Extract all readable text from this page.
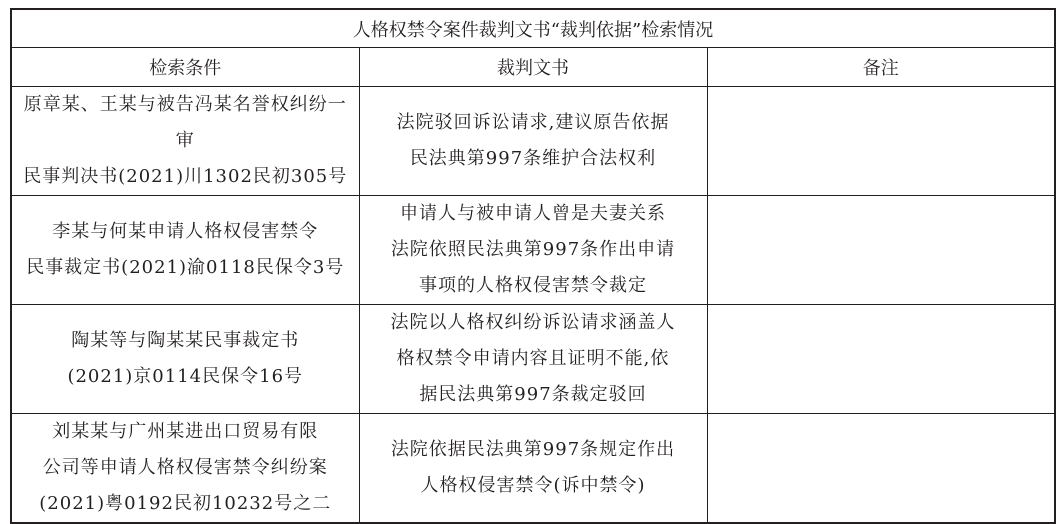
人格权禁令案件裁判文书“裁判依据”检索情况		
检索条件	裁判文书	备注

原章某、王某与被告冯某名誉权纠纷一审
民事判决书(2021)川1302民初305号	法院驳回诉讼请求,建议原告依据
民法典第997条维护合法权利	

李某与何某申请人格权侵害禁令
民事裁定书(2021)渝0118民保令3号	申请人与被申请人曾是夫妻关系
法院依照民法典第997条作出申请
事项的人格权侵害禁令裁定	

陶某等与陶某某民事裁定书
(2021)京0114民保令16号	法院以人格权纠纷诉讼请求涵盖人
格权禁令申请内容且证明不能,依
据民法典第997条裁定驳回	

刘某某与广州某进出口贸易有限
公司等申请人格权侵害禁令纠纷案
(2021)粤0192民初10232号之二	法院依据民法典第997条规定作出
人格权侵害禁令(诉中禁令)	
